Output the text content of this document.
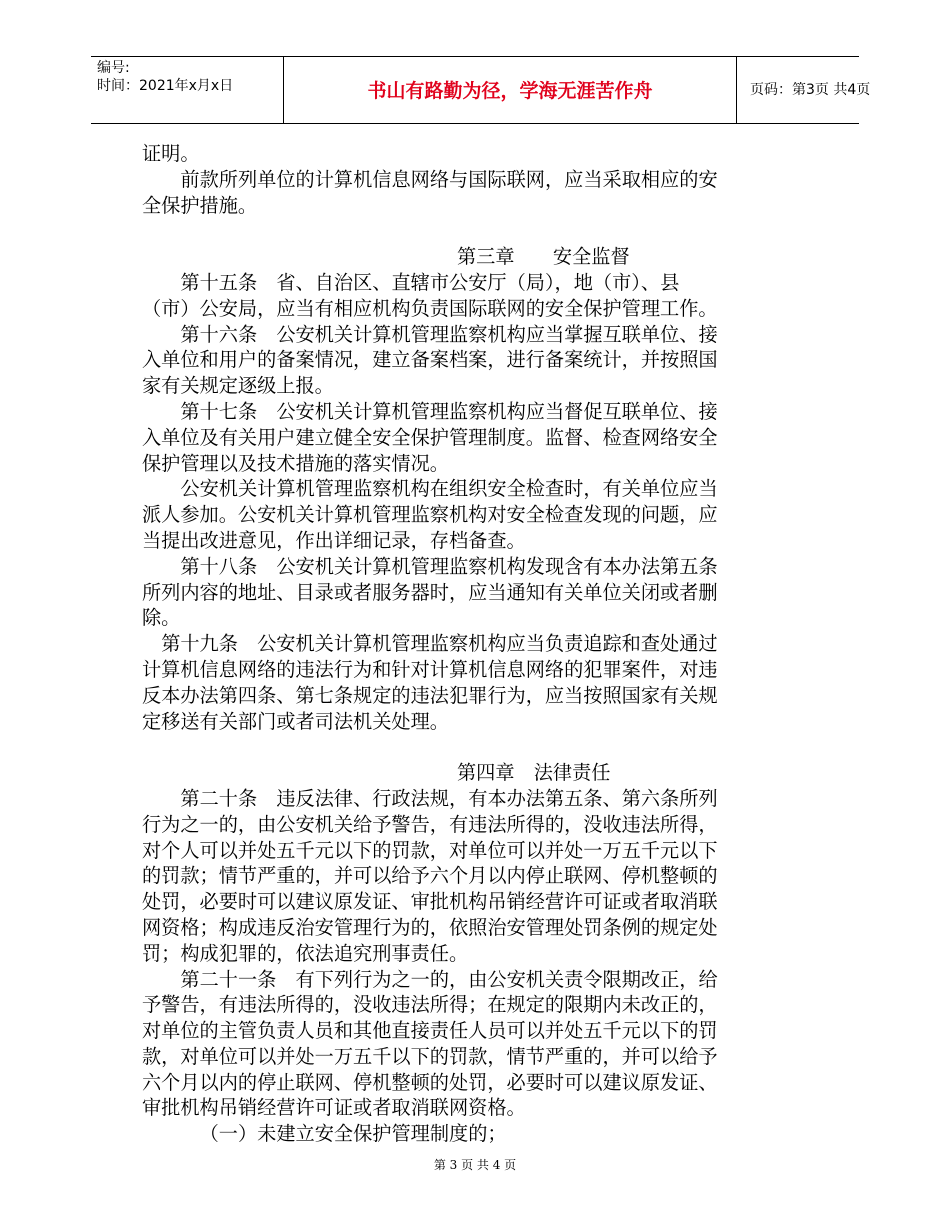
编号:
时间：2021年x月x日	书山有路勤为径，学海无涯苦作舟	页码：第3页 共4页

证明。

前款所列单位的计算机信息网络与国际联网，应当采取相应的安

全保护措施。

第三章　　安全监督

第十五条　省、自治区、直辖市公安厅（局），地（市）、县

（市）公安局，应当有相应机构负责国际联网的安全保护管理工作。

第十六条　公安机关计算机管理监察机构应当掌握互联单位、接

入单位和用户的备案情况，建立备案档案，进行备案统计，并按照国

家有关规定逐级上报。

第十七条　公安机关计算机管理监察机构应当督促互联单位、接

入单位及有关用户建立健全安全保护管理制度。监督、检查网络安全

保护管理以及技术措施的落实情况。

公安机关计算机管理监察机构在组织安全检查时，有关单位应当

派人参加。公安机关计算机管理监察机构对安全检查发现的问题，应

当提出改进意见，作出详细记录，存档备查。

第十八条　公安机关计算机管理监察机构发现含有本办法第五条

所列内容的地址、目录或者服务器时，应当通知有关单位关闭或者删

除。

第十九条　公安机关计算机管理监察机构应当负责追踪和查处通过

计算机信息网络的违法行为和针对计算机信息网络的犯罪案件，对违

反本办法第四条、第七条规定的违法犯罪行为，应当按照国家有关规

定移送有关部门或者司法机关处理。

第四章　法律责任

第二十条　违反法律、行政法规，有本办法第五条、第六条所列

行为之一的，由公安机关给予警告，有违法所得的，没收违法所得，

对个人可以并处五千元以下的罚款，对单位可以并处一万五千元以下

的罚款；情节严重的，并可以给予六个月以内停止联网、停机整顿的

处罚，必要时可以建议原发证、审批机构吊销经营许可证或者取消联

网资格；构成违反治安管理行为的，依照治安管理处罚条例的规定处

罚；构成犯罪的，依法追究刑事责任。

第二十一条　有下列行为之一的，由公安机关责令限期改正，给

予警告，有违法所得的，没收违法所得；在规定的限期内未改正的，

对单位的主管负责人员和其他直接责任人员可以并处五千元以下的罚

款，对单位可以并处一万五千以下的罚款，情节严重的，并可以给予

六个月以内的停止联网、停机整顿的处罚，必要时可以建议原发证、

审批机构吊销经营许可证或者取消联网资格。

（一）未建立安全保护管理制度的；

第 3 页 共 4 页
